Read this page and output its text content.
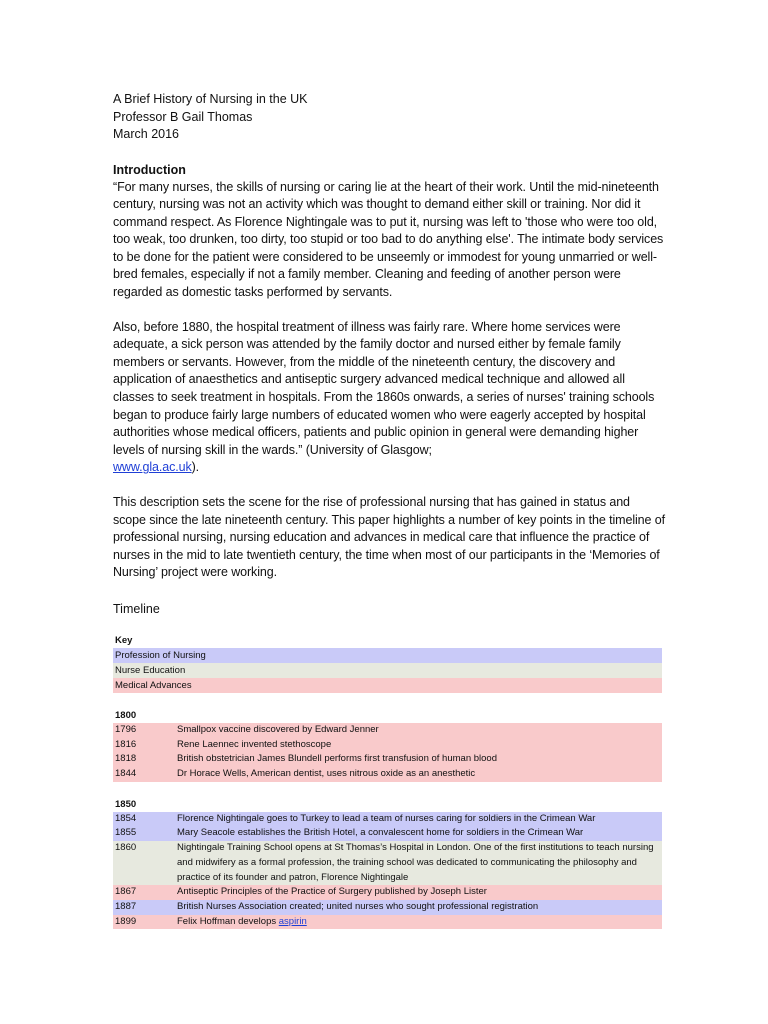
A Brief History of Nursing in the UK
Professor B Gail Thomas
March 2016
Introduction

“For many nurses, the skills of nursing or caring lie at the heart of their work. Until the mid-nineteenth century, nursing was not an activity which was thought to demand either skill or training. Nor did it command respect. As Florence Nightingale was to put it, nursing was left to 'those who were too old, too weak, too drunken, too dirty, too stupid or too bad to do anything else'. The intimate body services to be done for the patient were considered to be unseemly or immodest for young unmarried or well-bred females, especially if not a family member. Cleaning and feeding of another person were regarded as domestic tasks performed by servants.

Also, before 1880, the hospital treatment of illness was fairly rare. Where home services were adequate, a sick person was attended by the family doctor and nursed either by female family members or servants. However, from the middle of the nineteenth century, the discovery and application of anaesthetics and antiseptic surgery advanced medical technique and allowed all classes to seek treatment in hospitals. From the 1860s onwards, a series of nurses' training schools began to produce fairly large numbers of educated women who were eagerly accepted by hospital authorities whose medical officers, patients and public opinion in general were demanding higher levels of nursing skill in the wards.” (University of Glasgow;
www.gla.ac.uk).

This description sets the scene for the rise of professional nursing that has gained in status and scope since the late nineteenth century. This paper highlights a number of key points in the timeline of professional nursing, nursing education and advances in medical care that influence the practice of nurses in the mid to late twentieth century, the time when most of our participants in the ‘Memories of Nursing’ project were working.

Timeline
Key
Profession of Nursing
Nurse Education
Medical Advances
1800
1796	Smallpox vaccine discovered by Edward Jenner
1816	Rene Laennec invented stethoscope
1818	British obstetrician James Blundell performs first transfusion of human blood
1844	Dr Horace Wells, American dentist, uses nitrous oxide as an anesthetic
1850
1854	Florence Nightingale goes to Turkey to lead a team of nurses caring for soldiers in the Crimean War
1855	Mary Seacole establishes the British Hotel, a convalescent home for soldiers in the Crimean War
1860	Nightingale Training School opens at St Thomas’s Hospital in London. One of the first institutions to teach nursing and midwifery as a formal profession, the training school was dedicated to communicating the philosophy and practice of its founder and patron, Florence Nightingale
1867	Antiseptic Principles of the Practice of Surgery published by Joseph Lister
1887	British Nurses Association created; united nurses who sought professional registration
1899	Felix Hoffman develops aspirin
